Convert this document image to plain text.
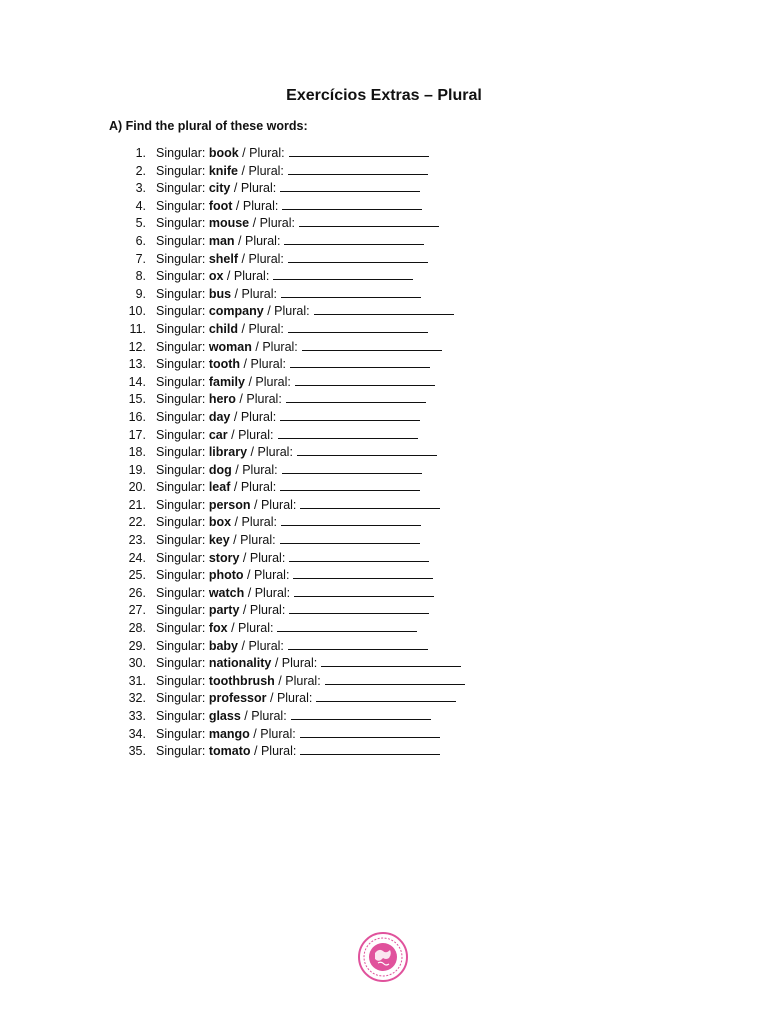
Exercícios Extras – Plural
A) Find the plural of these words:
1. Singular: book / Plural:
2. Singular: knife / Plural:
3. Singular: city / Plural:
4. Singular: foot / Plural:
5. Singular: mouse / Plural:
6. Singular: man / Plural:
7. Singular: shelf / Plural:
8. Singular: ox / Plural:
9. Singular: bus / Plural:
10. Singular: company / Plural:
11. Singular: child / Plural:
12. Singular: woman / Plural:
13. Singular: tooth / Plural:
14. Singular: family / Plural:
15. Singular: hero / Plural:
16. Singular: day / Plural:
17. Singular: car / Plural:
18. Singular: library / Plural:
19. Singular: dog / Plural:
20. Singular: leaf / Plural:
21. Singular: person / Plural:
22. Singular: box / Plural:
23. Singular: key / Plural:
24. Singular: story / Plural:
25. Singular: photo / Plural:
26. Singular: watch / Plural:
27. Singular: party / Plural:
28. Singular: fox / Plural:
29. Singular: baby / Plural:
30. Singular: nationality / Plural:
31. Singular: toothbrush / Plural:
32. Singular: professor / Plural:
33. Singular: glass / Plural:
34. Singular: mango / Plural:
35. Singular: tomato / Plural:
